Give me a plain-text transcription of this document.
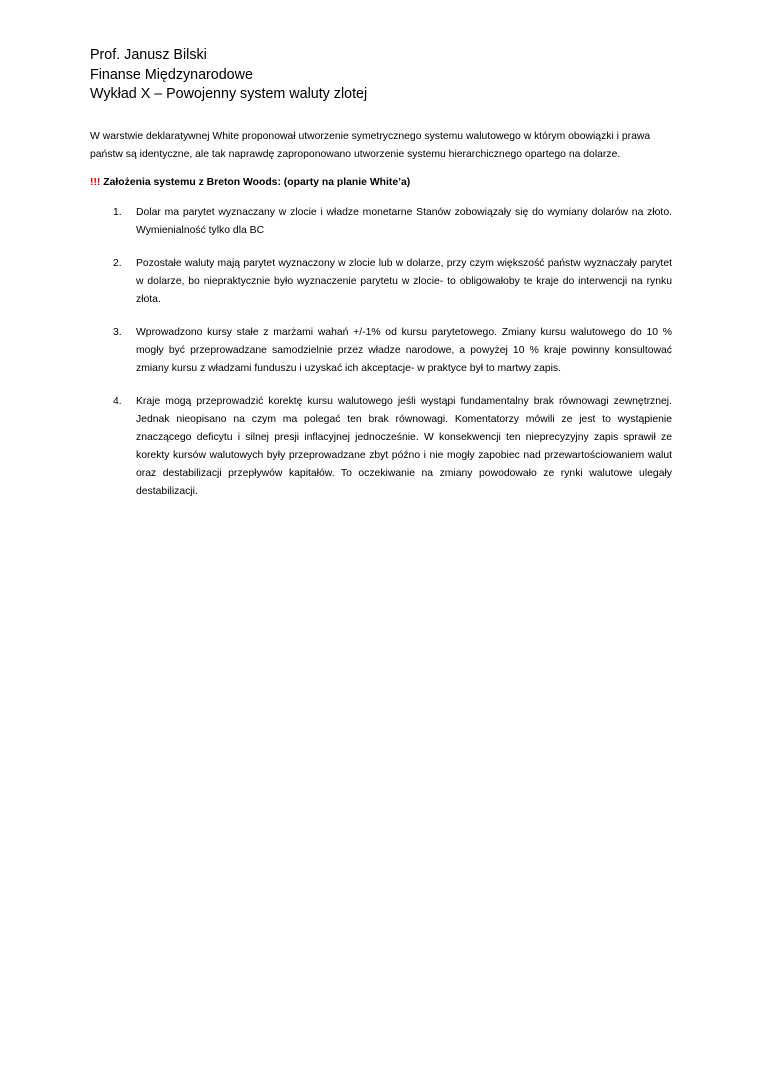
Prof. Janusz Bilski
Finanse Międzynarodowe
Wykład X – Powojenny system waluty zlotej

W warstwie deklaratywnej White proponował utworzenie symetrycznego systemu walutowego w którym obowiązki i prawa państw są identyczne, ale tak naprawdę zaproponowano utworzenie systemu hierarchicznego opartego na dolarze.

!!! Założenia systemu z Breton Woods: (oparty na planie White’a)
1. Dolar ma parytet wyznaczany w zlocie i władze monetarne Stanów zobowiązały się do wymiany dolarów na złoto. Wymienialność tylko dla BC
2. Pozostałe waluty mają parytet wyznaczony w zlocie lub w dolarze, przy czym większość państw wyznaczały parytet w dolarze, bo niepraktycznie było wyznaczenie parytetu w zlocie- to obligowałoby te kraje do interwencji na rynku złota.
3. Wprowadzono kursy stałe z marżami wahań +/-1% od kursu parytetowego. Zmiany kursu walutowego do 10 % mogły być przeprowadzane samodzielnie przez władze narodowe, a powyżej 10 % kraje powinny konsultować zmiany kursu z władzami funduszu i uzyskać ich akceptacje- w praktyce był to martwy zapis.
4. Kraje mogą przeprowadzić korektę kursu walutowego jeśli wystąpi fundamentalny brak równowagi zewnętrznej. Jednak nieopisano na czym ma polegać ten brak równowagi. Komentatorzy mówili ze jest to wystąpienie znaczącego deficytu i silnej presji inflacyjnej jednocześnie. W konsekwencji ten nieprecyzyjny zapis sprawił ze korekty kursów walutowych były przeprowadzane zbyt późno i nie mogły zapobiec nad przewartościowaniem walut oraz destabilizacji przepływów kapitałów. To oczekiwanie na zmiany powodowało ze rynki walutowe ulegały destabilizacji.
